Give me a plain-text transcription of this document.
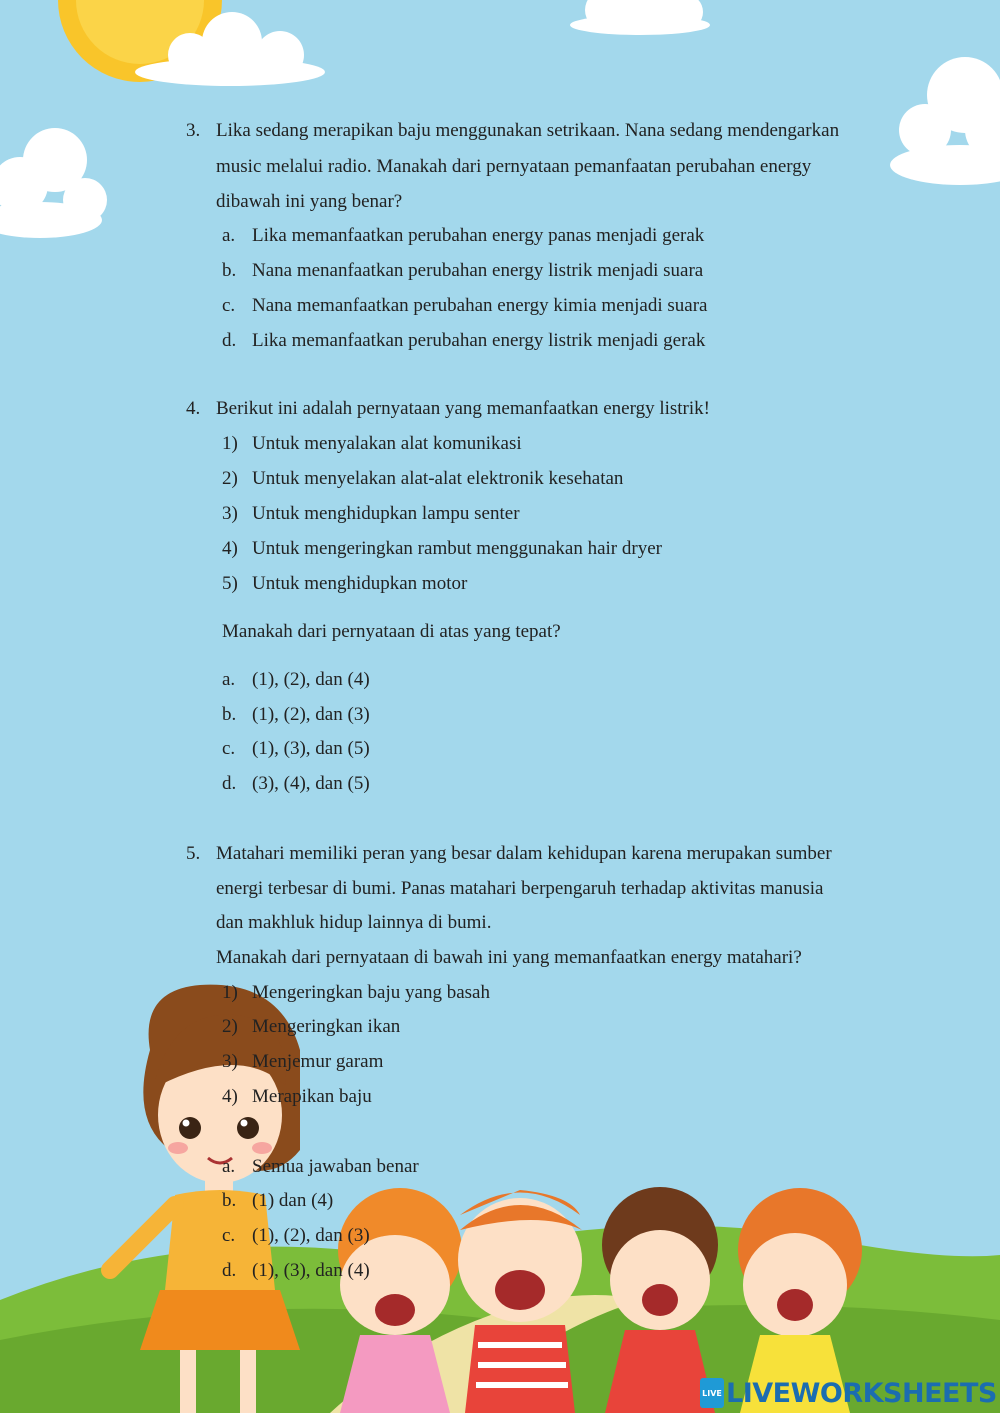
3. Lika sedang merapikan baju menggunakan setrikaan. Nana sedang mendengarkan
music melalui radio. Manakah dari pernyataan pemanfaatan perubahan energy
dibawah ini yang benar?
a. Lika memanfaatkan perubahan energy panas menjadi gerak
b. Nana menanfaatkan perubahan energy listrik menjadi suara
c. Nana memanfaatkan perubahan energy kimia menjadi suara
d. Lika memanfaatkan perubahan energy listrik menjadi gerak
4. Berikut ini adalah pernyataan yang memanfaatkan energy listrik!
1) Untuk menyalakan alat komunikasi
2) Untuk menyelakan alat-alat elektronik kesehatan
3) Untuk menghidupkan lampu senter
4) Untuk mengeringkan rambut menggunakan hair dryer
5) Untuk menghidupkan motor
Manakah dari pernyataan di atas yang tepat?
a. (1), (2), dan (4)
b. (1), (2), dan (3)
c. (1), (3), dan (5)
d. (3), (4), dan (5)
5. Matahari memiliki peran yang besar dalam kehidupan karena merupakan sumber
energi terbesar di bumi. Panas matahari berpengaruh terhadap aktivitas manusia
dan makhluk hidup lainnya di bumi.
Manakah dari pernyataan di bawah ini yang memanfaatkan energy matahari?
1) Mengeringkan baju yang basah
2) Mengeringkan ikan
3) Menjemur garam
4) Merapikan baju
a. Semua jawaban benar
b. (1) dan (4)
c. (1), (2), dan (3)
d. (1), (3), dan (4)
LIVE LIVEWORKSHEETS
